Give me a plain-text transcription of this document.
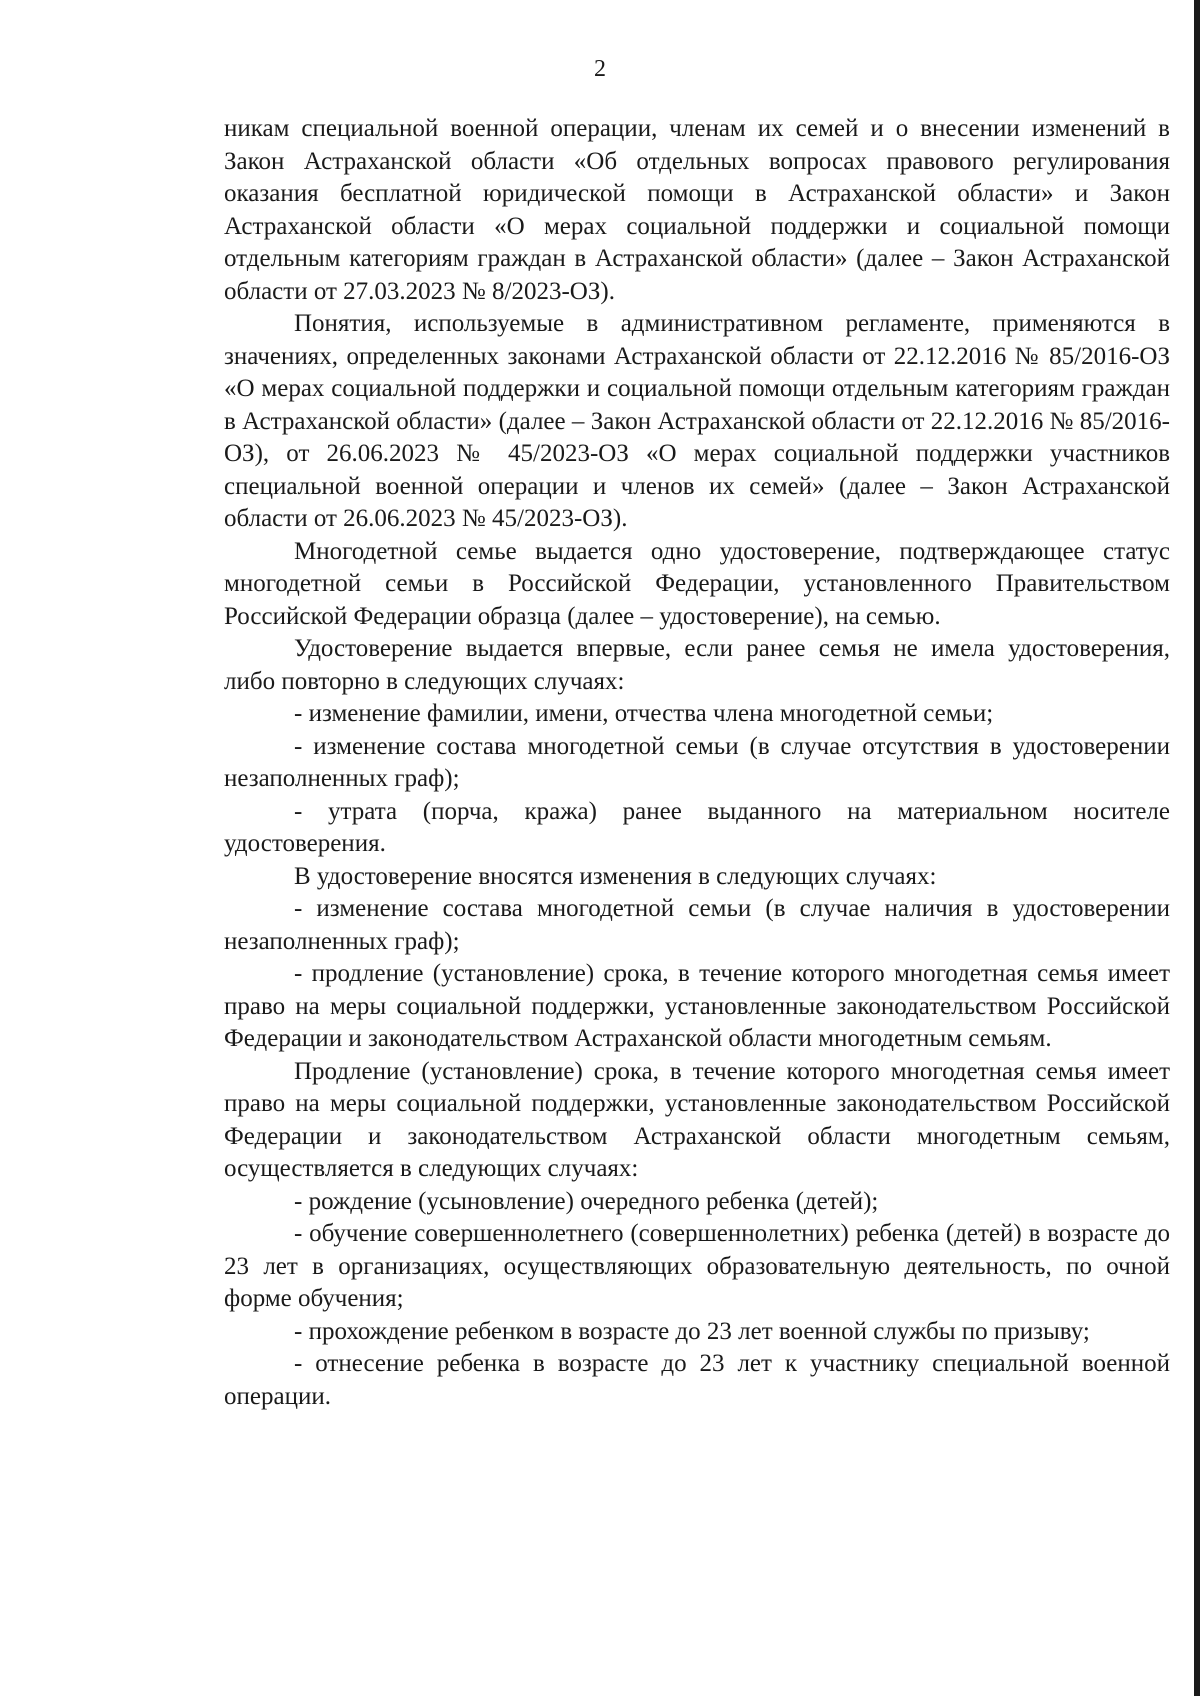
2

никам специальной военной операции, членам их семей и о внесении изменений в Закон Астраханской области «Об отдельных вопросах правового регулирования оказания бесплатной юридической помощи в Астраханской области» и Закон Астраханской области «О мерах социальной поддержки и социальной помощи отдельным категориям граждан в Астраханской области» (далее – Закон Астраханской области от 27.03.2023 № 8/2023-ОЗ).

Понятия, используемые в административном регламенте, применяются в значениях, определенных законами Астраханской области от 22.12.2016 № 85/2016-ОЗ «О мерах социальной поддержки и социальной помощи отдельным категориям граждан в Астраханской области» (далее – Закон Астраханской области от 22.12.2016 № 85/2016-ОЗ), от 26.06.2023 № 45/2023-ОЗ «О мерах социальной поддержки участников специальной военной операции и членов их семей» (далее – Закон Астраханской области от 26.06.2023 № 45/2023-ОЗ).

Многодетной семье выдается одно удостоверение, подтверждающее статус многодетной семьи в Российской Федерации, установленного Правительством Российской Федерации образца (далее – удостоверение), на семью.

Удостоверение выдается впервые, если ранее семья не имела удостоверения, либо повторно в следующих случаях:

- изменение фамилии, имени, отчества члена многодетной семьи;

- изменение состава многодетной семьи (в случае отсутствия в удостоверении незаполненных граф);

- утрата (порча, кража) ранее выданного на материальном носителе удостоверения.

В удостоверение вносятся изменения в следующих случаях:

- изменение состава многодетной семьи (в случае наличия в удостоверении незаполненных граф);

- продление (установление) срока, в течение которого многодетная семья имеет право на меры социальной поддержки, установленные законодательством Российской Федерации и законодательством Астраханской области многодетным семьям.

Продление (установление) срока, в течение которого многодетная семья имеет право на меры социальной поддержки, установленные законодательством Российской Федерации и законодательством Астраханской области многодетным семьям, осуществляется в следующих случаях:

- рождение (усыновление) очередного ребенка (детей);

- обучение совершеннолетнего (совершеннолетних) ребенка (детей) в возрасте до 23 лет в организациях, осуществляющих образовательную деятельность, по очной форме обучения;

- прохождение ребенком в возрасте до 23 лет военной службы по призыву;

- отнесение ребенка в возрасте до 23 лет к участнику специальной военной операции.
